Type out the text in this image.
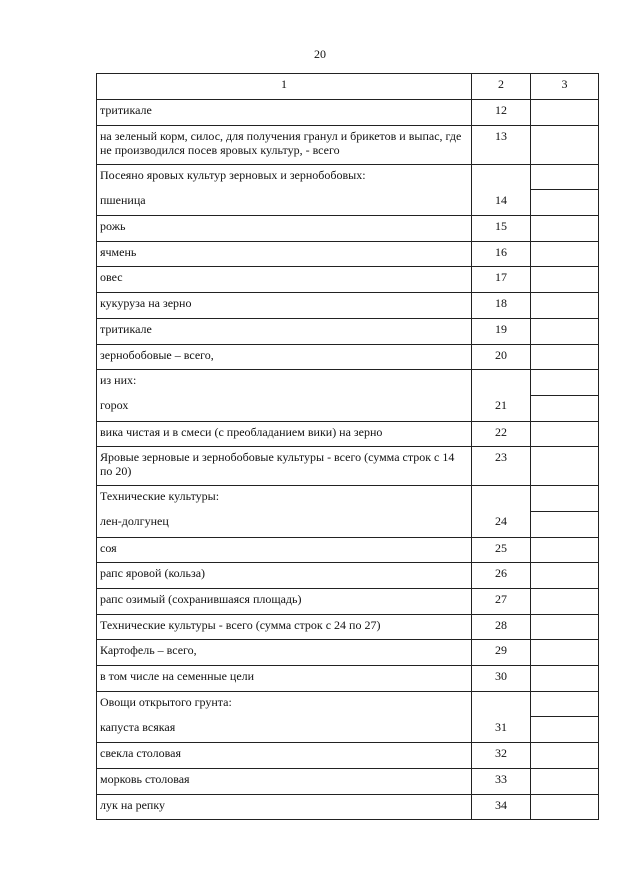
20
1	2	3
тритикале	12	
на зеленый корм, силос, для получения гранул и брикетов и выпас, где не производился посев яровых культур, - всего	13	
Посеяно яровых культур зерновых и зернобобовых:		
пшеница	14	
рожь	15	
ячмень	16	
овес	17	
кукуруза на зерно	18	
тритикале	19	
зернобобовые – всего,	20	
из них:		
горох	21	
вика чистая и в смеси (с преобладанием вики) на зерно	22	
Яровые зерновые и зернобобовые культуры - всего (сумма строк с 14 по 20)	23	
Технические культуры:		
лен-долгунец	24	
соя	25	
рапс яровой (кольза)	26	
рапс озимый (сохранившаяся площадь)	27	
Технические культуры - всего (сумма строк с 24 по 27)	28	
Картофель – всего,	29	
в том числе на семенные цели	30	
Овощи открытого грунта:		
капуста всякая	31	
свекла столовая	32	
морковь столовая	33	
лук на репку	34	
